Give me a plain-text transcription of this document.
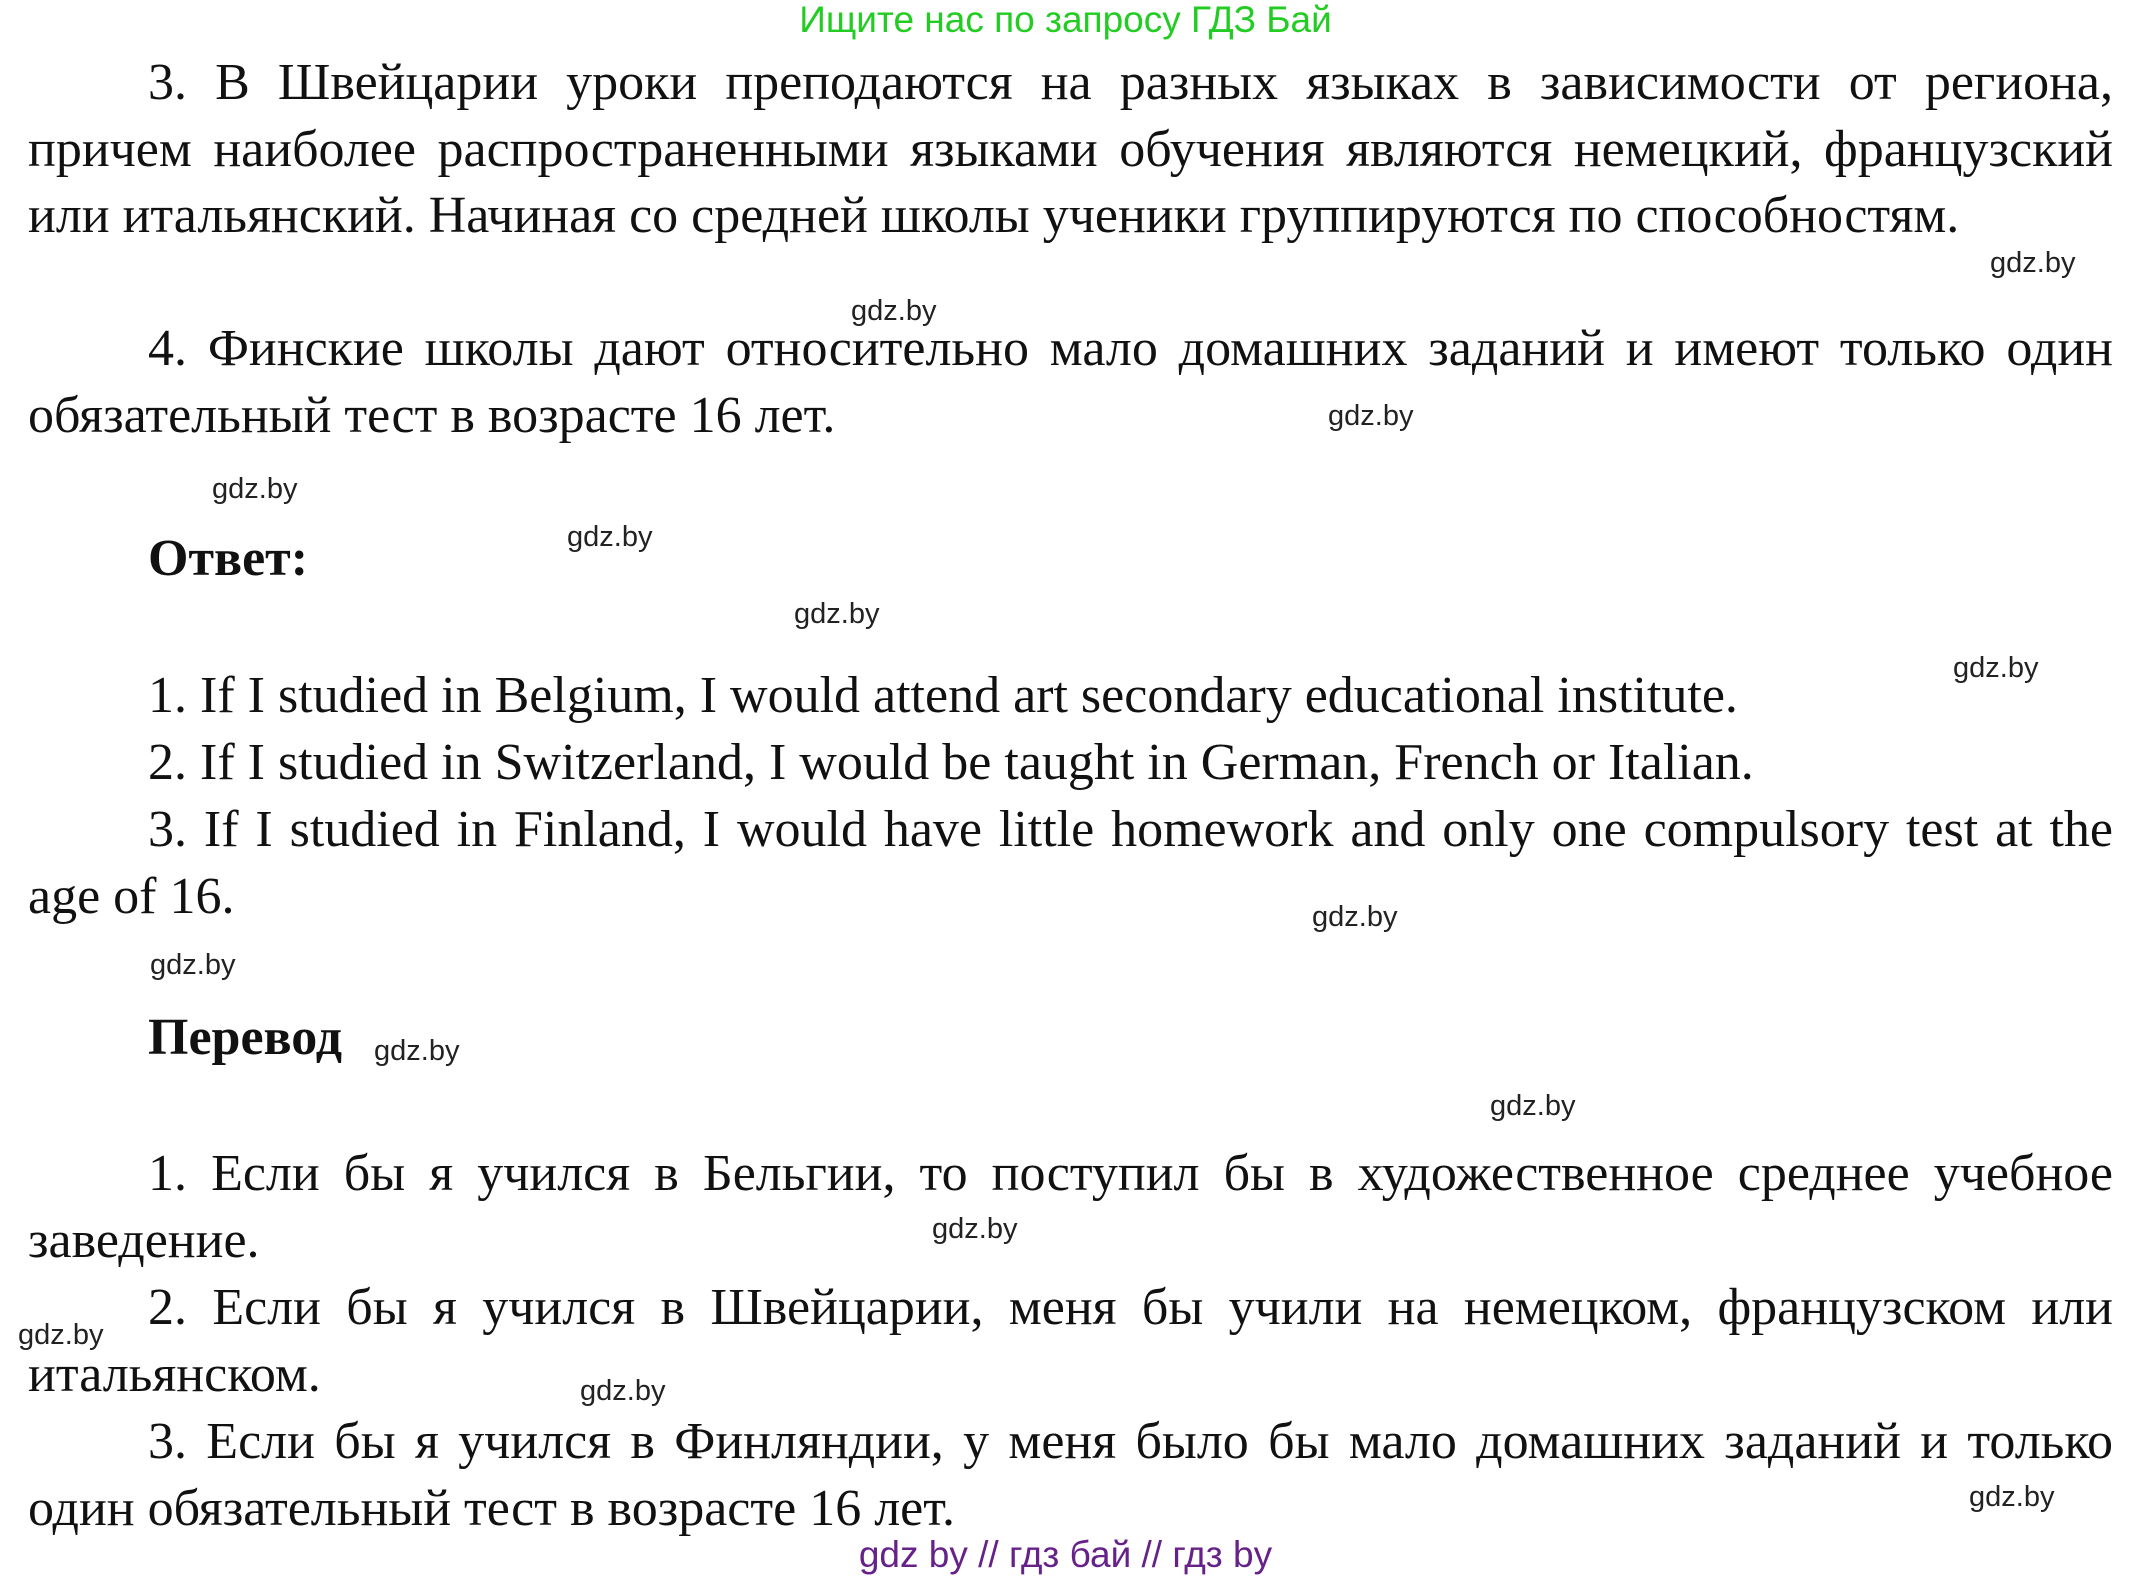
Ищите нас по запросу ГДЗ Бай

3. В Швейцарии уроки преподаются на разных языках в зависимости от региона, причем наиболее распространенными языками обучения являются немецкий, французский или итальянский. Начиная со средней школы ученики группируются по способностям.

4. Финские школы дают относительно мало домашних заданий и имеют только один обязательный тест в возрасте 16 лет.

Ответ:

1. If I studied in Belgium, I would attend art secondary educational institute.

2. If I studied in Switzerland, I would be taught in German, French or Italian.

3. If I studied in Finland, I would have little homework and only one compulsory test at the age of 16.

Перевод

1. Если бы я учился в Бельгии, то поступил бы в художественное среднее учебное заведение.

2. Если бы я учился в Швейцарии, меня бы учили на немецком, французском или итальянском.

3. Если бы я учился в Финляндии, у меня было бы мало домашних заданий и только один обязательный тест в возрасте 16 лет.

gdz.by
gdz.by
gdz.by
gdz.by
gdz.by
gdz.by
gdz.by
gdz.by
gdz.by
gdz.by
gdz.by
gdz.by
gdz.by
gdz.by
gdz.by
gdz by // гдз бай // гдз by
